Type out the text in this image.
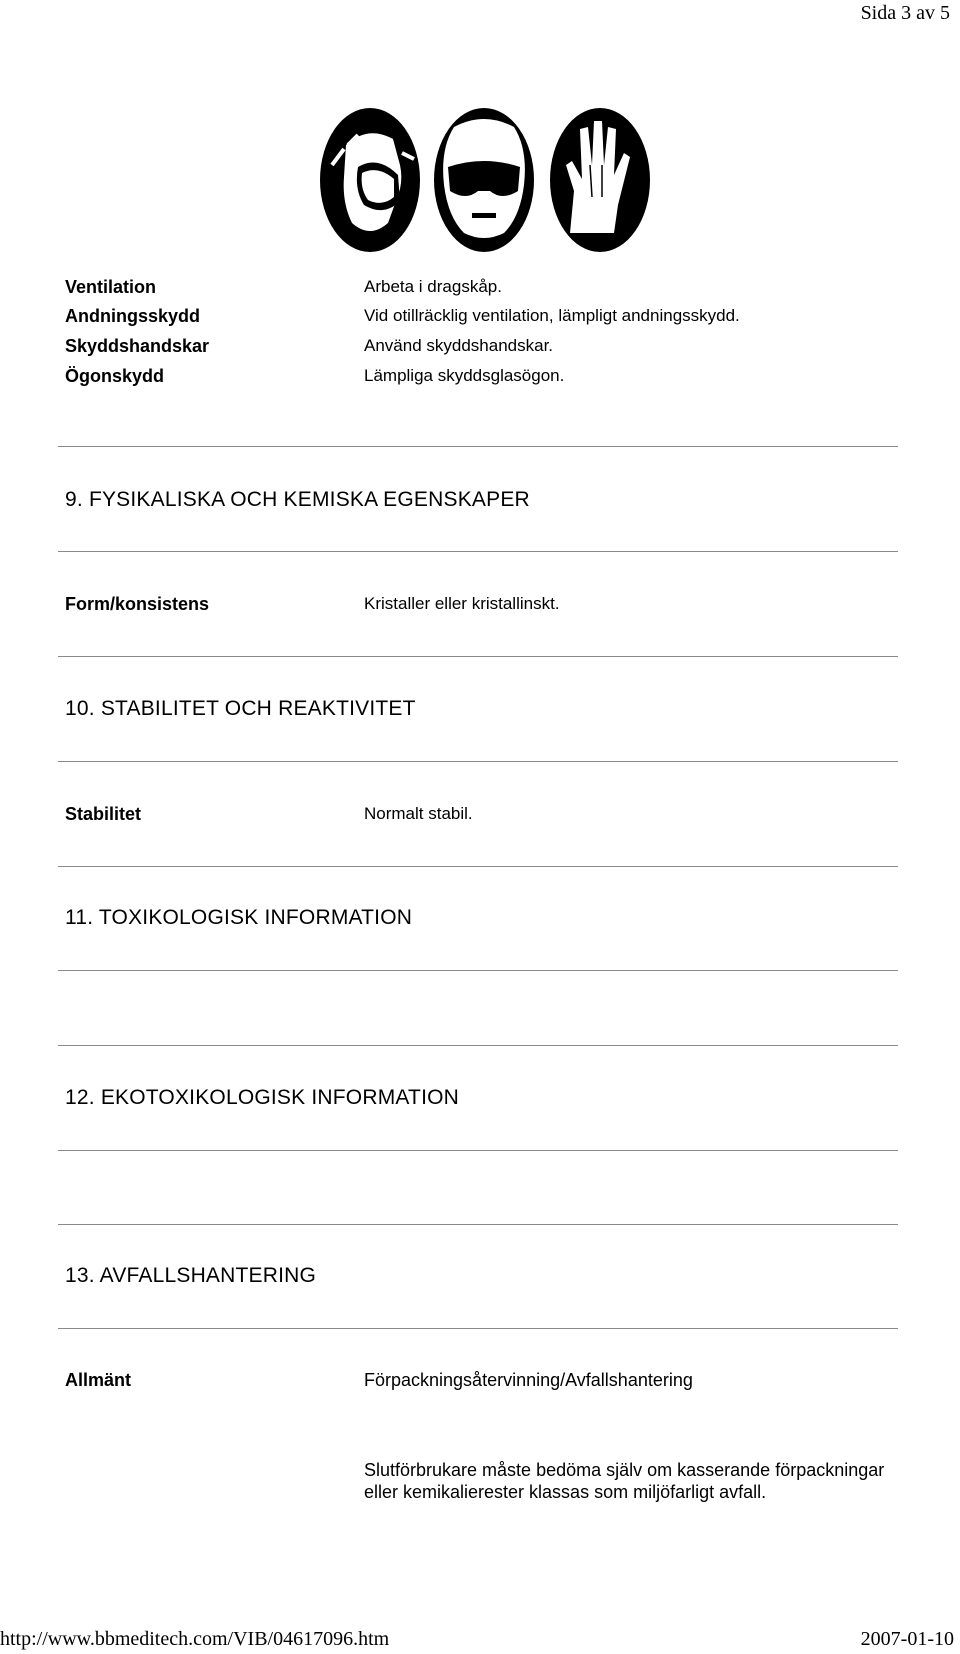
Sida 3 av 5
Ventilation	Arbeta i dragskåp.
Andningsskydd	Vid otillräcklig ventilation, lämpligt andningsskydd.
Skyddshandskar	Använd skyddshandskar.
Ögonskydd	Lämpliga skyddsglasögon.
9. FYSIKALISKA OCH KEMISKA EGENSKAPER
Form/konsistens	Kristaller eller kristallinskt.
10. STABILITET OCH REAKTIVITET
Stabilitet	Normalt stabil.
11. TOXIKOLOGISK INFORMATION
12. EKOTOXIKOLOGISK INFORMATION
13. AVFALLSHANTERING
Allmänt	Förpackningsåtervinning/Avfallshantering
Slutförbrukare måste bedöma själv om kasserande förpackningar eller kemikalierester klassas som miljöfarligt avfall.
http://www.bbmeditech.com/VIB/04617096.htm	2007-01-10
